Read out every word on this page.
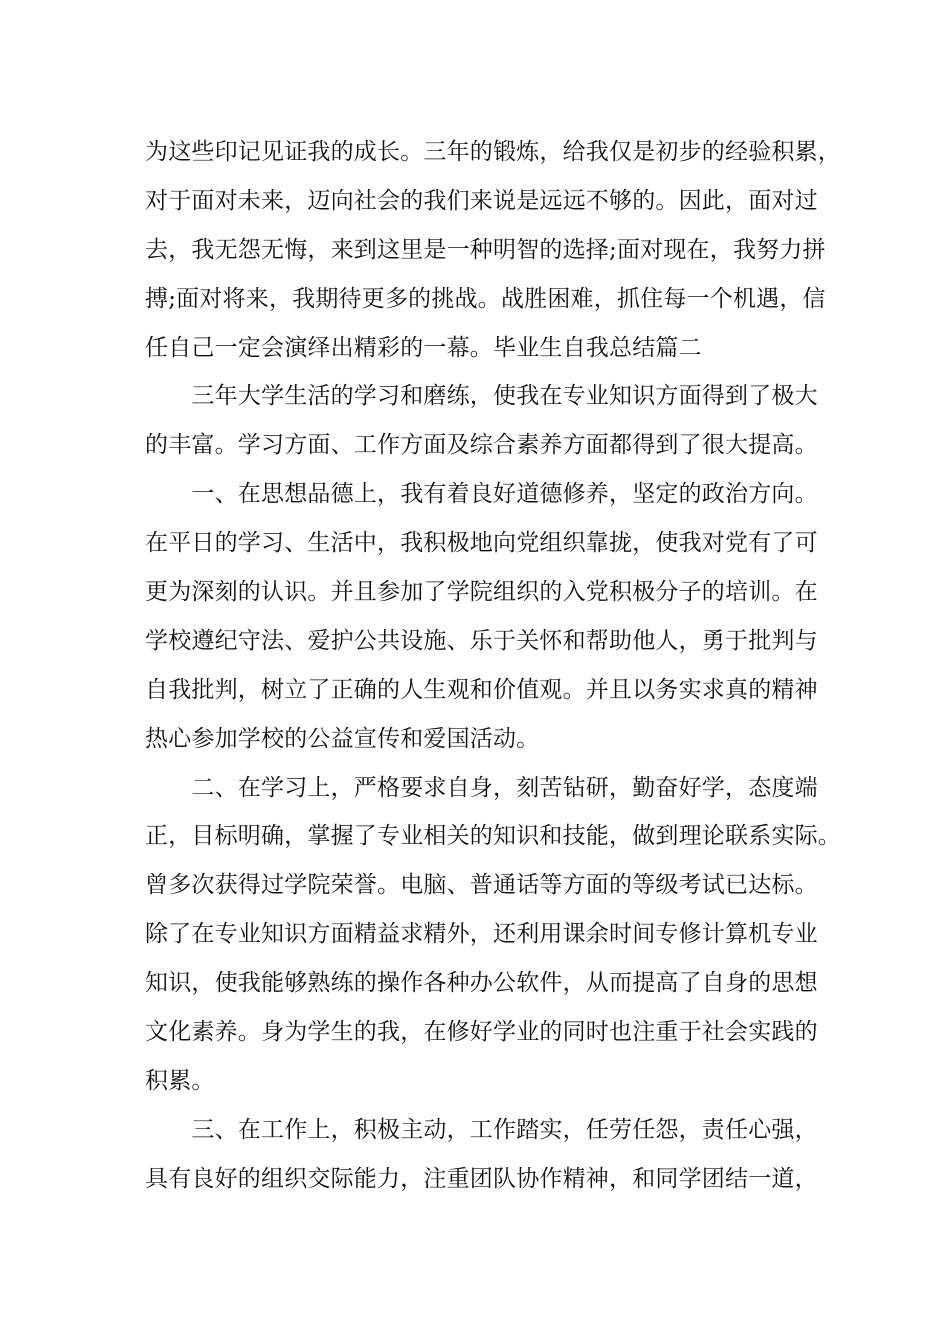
为这些印记见证我的成长。三年的锻炼，给我仅是初步的经验积累，
对于面对未来，迈向社会的我们来说是远远不够的。因此，面对过
去，我无怨无悔，来到这里是一种明智的选择;面对现在，我努力拼
搏;面对将来，我期待更多的挑战。战胜困难，抓住每一个机遇，信
任自己一定会演绎出精彩的一幕。毕业生自我总结篇二
　　三年大学生活的学习和磨练，使我在专业知识方面得到了极大
的丰富。学习方面、工作方面及综合素养方面都得到了很大提高。
　　一、在思想品德上，我有着良好道德修养，坚定的政治方向。
在平日的学习、生活中，我积极地向党组织靠拢，使我对党有了可
更为深刻的认识。并且参加了学院组织的入党积极分子的培训。在
学校遵纪守法、爱护公共设施、乐于关怀和帮助他人，勇于批判与
自我批判，树立了正确的人生观和价值观。并且以务实求真的精神
热心参加学校的公益宣传和爱国活动。
　　二、在学习上，严格要求自身，刻苦钻研，勤奋好学，态度端
正，目标明确，掌握了专业相关的知识和技能，做到理论联系实际。
曾多次获得过学院荣誉。电脑、普通话等方面的等级考试已达标。
除了在专业知识方面精益求精外，还利用课余时间专修计算机专业
知识，使我能够熟练的操作各种办公软件，从而提高了自身的思想
文化素养。身为学生的我，在修好学业的同时也注重于社会实践的
积累。
　　三、在工作上，积极主动，工作踏实，任劳任怨，责任心强，
具有良好的组织交际能力，注重团队协作精神，和同学团结一道，
